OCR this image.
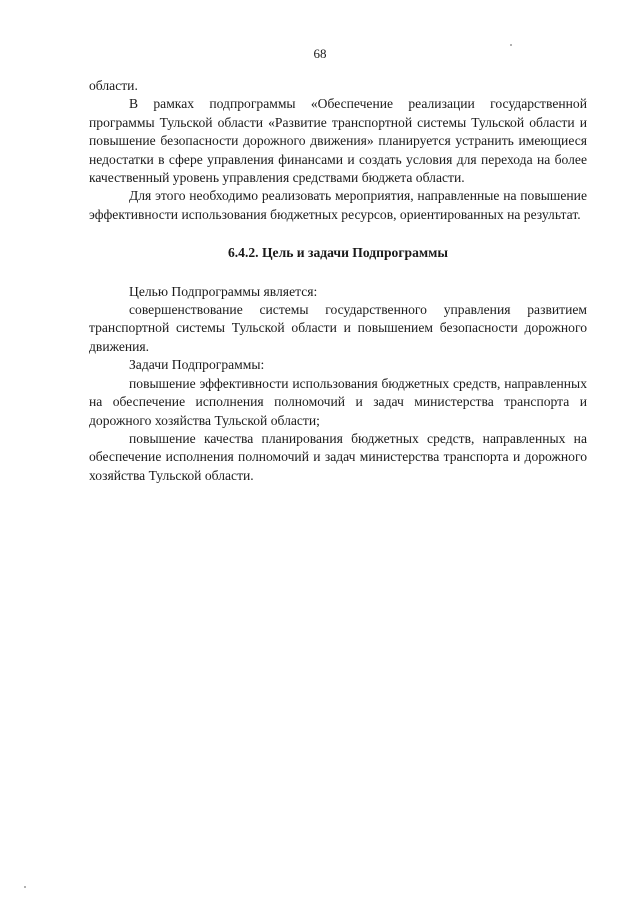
68

области.

В рамках подпрограммы «Обеспечение реализации государственной программы Тульской области «Развитие транспортной системы Тульской области и повышение безопасности дорожного движения» планируется устранить имеющиеся недостатки в сфере управления финансами и создать условия для перехода на более качественный уровень управления средствами бюджета области.

Для этого необходимо реализовать мероприятия, направленные на повышение эффективности использования бюджетных ресурсов, ориентированных на результат.

6.4.2. Цель и задачи Подпрограммы

Целью Подпрограммы является:

совершенствование системы государственного управления развитием транспортной системы Тульской области и повышением безопасности дорожного движения.

Задачи Подпрограммы:

повышение эффективности использования бюджетных средств, направленных на обеспечение исполнения полномочий и задач министерства транспорта и дорожного хозяйства Тульской области;

повышение качества планирования бюджетных средств, направленных на обеспечение исполнения полномочий и задач министерства транспорта и дорожного хозяйства Тульской области.
